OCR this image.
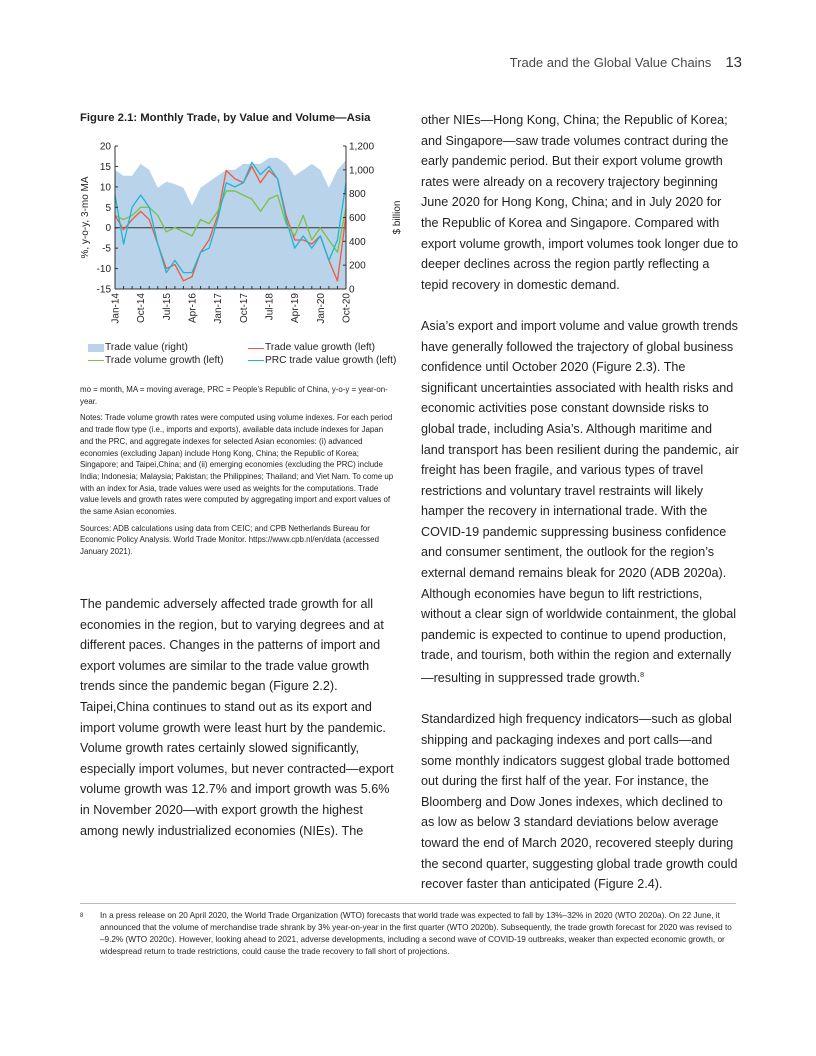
Trade and the Global Value Chains 13
Figure 2.1: Monthly Trade, by Value and Volume—Asia
20
15
10
5
0
-5
-10
-15
1,200
1,000
800
600
400
200
0
Jan-14 Oct-14 Jul-15 Apr-16 Jan-17 Oct-17 Jul-18 Apr-19 Jan-20 Oct-20
%, y-o-y, 3-mo MA	$ billion
Trade value (right)	Trade value growth (left)
Trade volume growth (left)	PRC trade value growth (left)

mo = month, MA = moving average, PRC = People’s Republic of China, y-o-y = year-on-year.

Notes: Trade volume growth rates were computed using volume indexes. For each period and trade flow type (i.e., imports and exports), available data include indexes for Japan and the PRC, and aggregate indexes for selected Asian economies: (i) advanced economies (excluding Japan) include Hong Kong, China; the Republic of Korea; Singapore; and Taipei,China; and (ii) emerging economies (excluding the PRC) include India; Indonesia; Malaysia; Pakistan; the Philippines; Thailand; and Viet Nam. To come up with an index for Asia, trade values were used as weights for the computations. Trade value levels and growth rates were computed by aggregating import and export values of the same Asian economies.

Sources: ADB calculations using data from CEIC; and CPB Netherlands Bureau for Economic Policy Analysis. World Trade Monitor. https://www.cpb.nl/en/data (accessed January 2021).

The pandemic adversely affected trade growth for all economies in the region, but to varying degrees and at different paces. Changes in the patterns of import and export volumes are similar to the trade value growth trends since the pandemic began (Figure 2.2). Taipei,China continues to stand out as its export and import volume growth were least hurt by the pandemic. Volume growth rates certainly slowed significantly, especially import volumes, but never contracted—export volume growth was 12.7% and import growth was 5.6% in November 2020—with export growth the highest among newly industrialized economies (NIEs). The

other NIEs—Hong Kong, China; the Republic of Korea; and Singapore—saw trade volumes contract during the early pandemic period. But their export volume growth rates were already on a recovery trajectory beginning June 2020 for Hong Kong, China; and in July 2020 for the Republic of Korea and Singapore. Compared with export volume growth, import volumes took longer due to deeper declines across the region partly reflecting a tepid recovery in domestic demand.

Asia’s export and import volume and value growth trends have generally followed the trajectory of global business confidence until October 2020 (Figure 2.3). The significant uncertainties associated with health risks and economic activities pose constant downside risks to global trade, including Asia’s. Although maritime and land transport has been resilient during the pandemic, air freight has been fragile, and various types of travel restrictions and voluntary travel restraints will likely hamper the recovery in international trade. With the COVID-19 pandemic suppressing business confidence and consumer sentiment, the outlook for the region’s external demand remains bleak for 2020 (ADB 2020a). Although economies have begun to lift restrictions, without a clear sign of worldwide containment, the global pandemic is expected to continue to upend production, trade, and tourism, both within the region and externally—resulting in suppressed trade growth.$^8$

Standardized high frequency indicators—such as global shipping and packaging indexes and port calls—and some monthly indicators suggest global trade bottomed out during the first half of the year. For instance, the Bloomberg and Dow Jones indexes, which declined to as low as below 3 standard deviations below average toward the end of March 2020, recovered steeply during the second quarter, suggesting global trade growth could recover faster than anticipated (Figure 2.4).

8	In a press release on 20 April 2020, the World Trade Organization (WTO) forecasts that world trade was expected to fall by 13%–32% in 2020 (WTO 2020a). On 22 June, it announced that the volume of merchandise trade shrank by 3% year-on-year in the first quarter (WTO 2020b). Subsequently, the trade growth forecast for 2020 was revised to –9.2% (WTO 2020c). However, looking ahead to 2021, adverse developments, including a second wave of COVID-19 outbreaks, weaker than expected economic growth, or widespread return to trade restrictions, could cause the trade recovery to fall short of projections.
